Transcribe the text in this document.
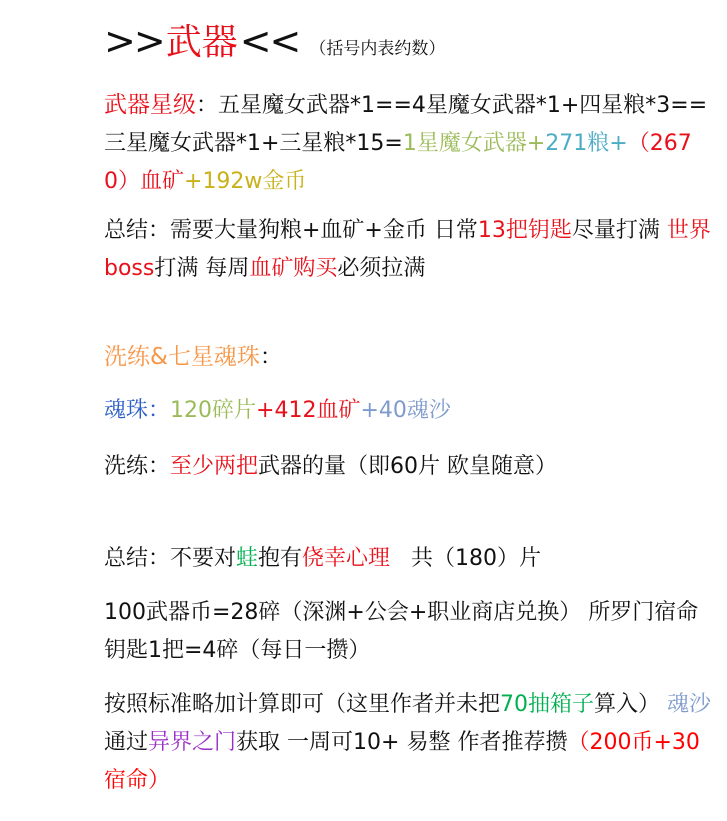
>> 武器 << （括号内表约数）
武器星级：五星魔女武器*1==4星魔女武器*1+四星粮*3==三星魔女武器*1+三星粮*15=1星魔女武器+271粮+（2670）血矿+192w金币
总结：需要大量狗粮+血矿+金币 日常13把钥匙尽量打满 世界boss打满 每周血矿购买必须拉满
洗练&七星魂珠：
魂珠：120碎片+412血矿+40魂沙
洗练：至少两把武器的量（即60片 欧皇随意）
总结：不要对蛙抱有侥幸心理   共（180）片
100武器币=28碎（深渊+公会+职业商店兑换） 所罗门宿命钥匙1把=4碎（每日一攒）
按照标准略加计算即可（这里作者并未把70抽箱子算入） 魂沙通过异界之门获取 一周可10+ 易整 作者推荐攒（200币+30宿命）
